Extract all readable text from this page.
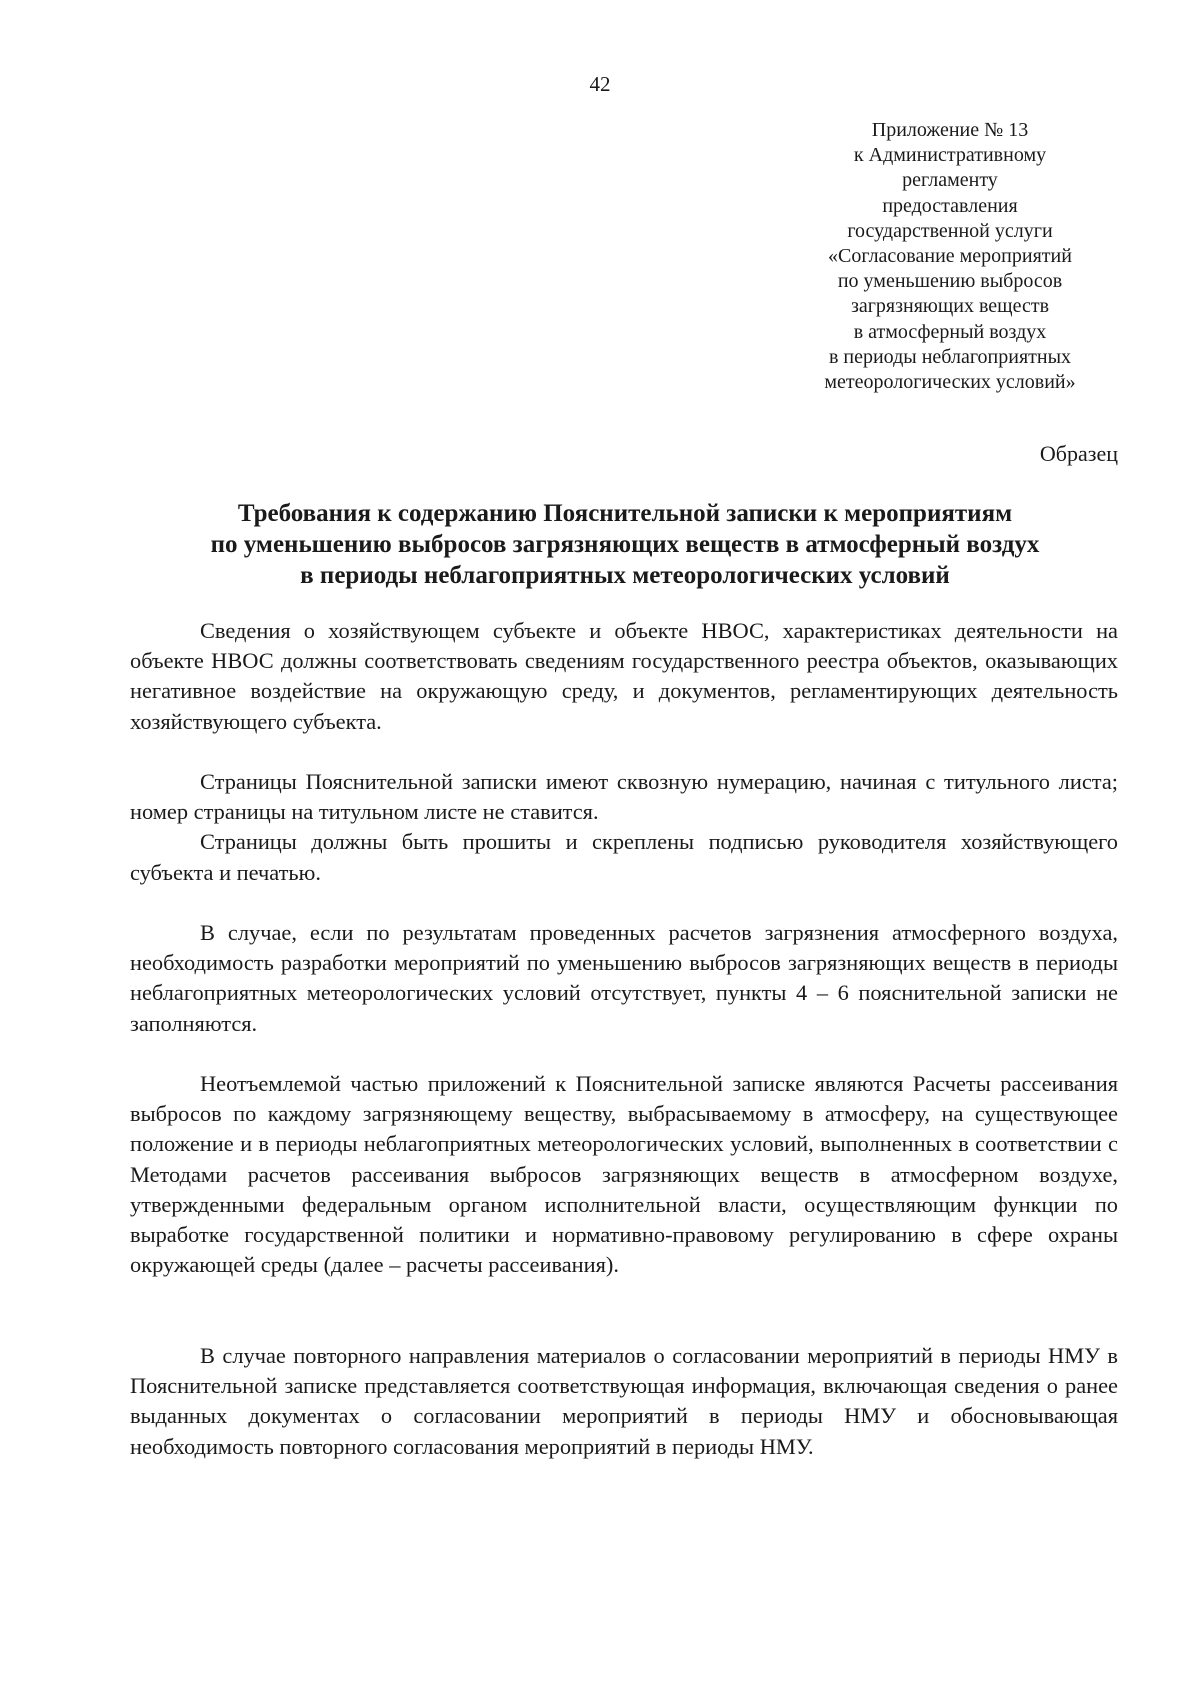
42
Приложение № 13
к Административному
регламенту
предоставления
государственной услуги
«Согласование мероприятий
по уменьшению выбросов
загрязняющих веществ
в атмосферный воздух
в периоды неблагоприятных
метеорологических условий»
Образец
Требования к содержанию Пояснительной записки к мероприятиям
по уменьшению выбросов загрязняющих веществ в атмосферный воздух
в периоды неблагоприятных метеорологических условий

Сведения о хозяйствующем субъекте и объекте НВОС, характеристиках деятельности на объекте НВОС должны соответствовать сведениям государственного реестра объектов, оказывающих негативное воздействие на окружающую среду, и документов, регламентирующих деятельность хозяйствующего субъекта.

Страницы Пояснительной записки имеют сквозную нумерацию, начиная с титульного листа; номер страницы на титульном листе не ставится.

Страницы должны быть прошиты и скреплены подписью руководителя хозяйствующего субъекта и печатью.

В случае, если по результатам проведенных расчетов загрязнения атмосферного воздуха, необходимость разработки мероприятий по уменьшению выбросов загрязняющих веществ в периоды неблагоприятных метеорологических условий отсутствует, пункты 4 – 6 пояснительной записки не заполняются.

Неотъемлемой частью приложений к Пояснительной записке являются Расчеты рассеивания выбросов по каждому загрязняющему веществу, выбрасываемому в атмосферу, на существующее положение и в периоды неблагоприятных метеорологических условий, выполненных в соответствии с Методами расчетов рассеивания выбросов загрязняющих веществ в атмосферном воздухе, утвержденными федеральным органом исполнительной власти, осуществляющим функции по выработке государственной политики и нормативно-правовому регулированию в сфере охраны окружающей среды (далее – расчеты рассеивания).

В случае повторного направления материалов о согласовании мероприятий в периоды НМУ в Пояснительной записке представляется соответствующая информация, включающая сведения о ранее выданных документах о согласовании мероприятий в периоды НМУ и обосновывающая необходимость повторного согласования мероприятий в периоды НМУ.
